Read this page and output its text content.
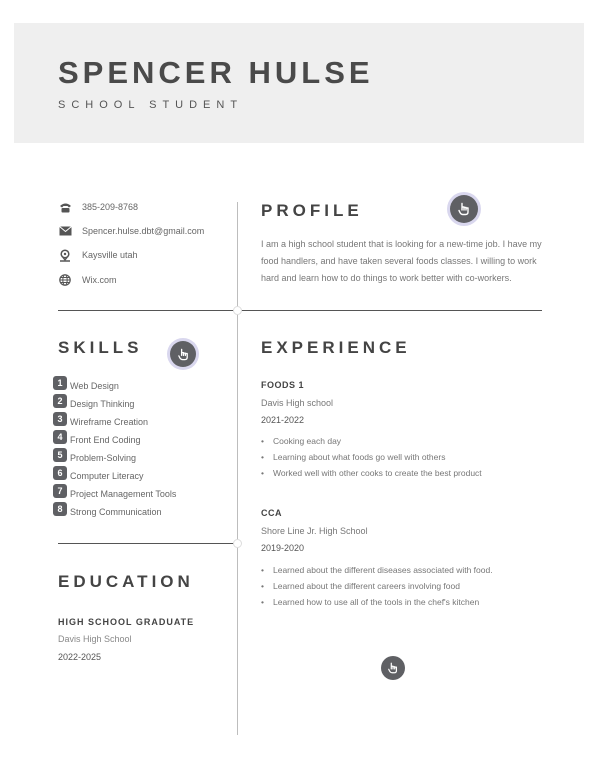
SPENCER HULSE
SCHOOL STUDENT
385-209-8768
Spencer.hulse.dbt@gmail.com
Kaysville utah
Wix.com
PROFILE
I am a high school student that is looking for a new-time job. I have my
food handlers, and have taken several foods classes. I willing to work
hard and learn how to do things to work better with co-workers.
SKILLS
1 Web Design
2 Design Thinking
3 Wireframe Creation
4 Front End Coding
5 Problem-Solving
6 Computer Literacy
7 Project Management Tools
8 Strong Communication
EXPERIENCE
FOODS 1
Davis High school
2021-2022
• Cooking each day
• Learning about what foods go well with others
• Worked well with other cooks to create the best product
CCA
Shore Line Jr. High School
2019-2020
• Learned about the different diseases associated with food.
• Learned about the different careers involving food
• Learned how to use all of the tools in the chef's kitchen
EDUCATION
HIGH SCHOOL GRADUATE
Davis High School
2022-2025
